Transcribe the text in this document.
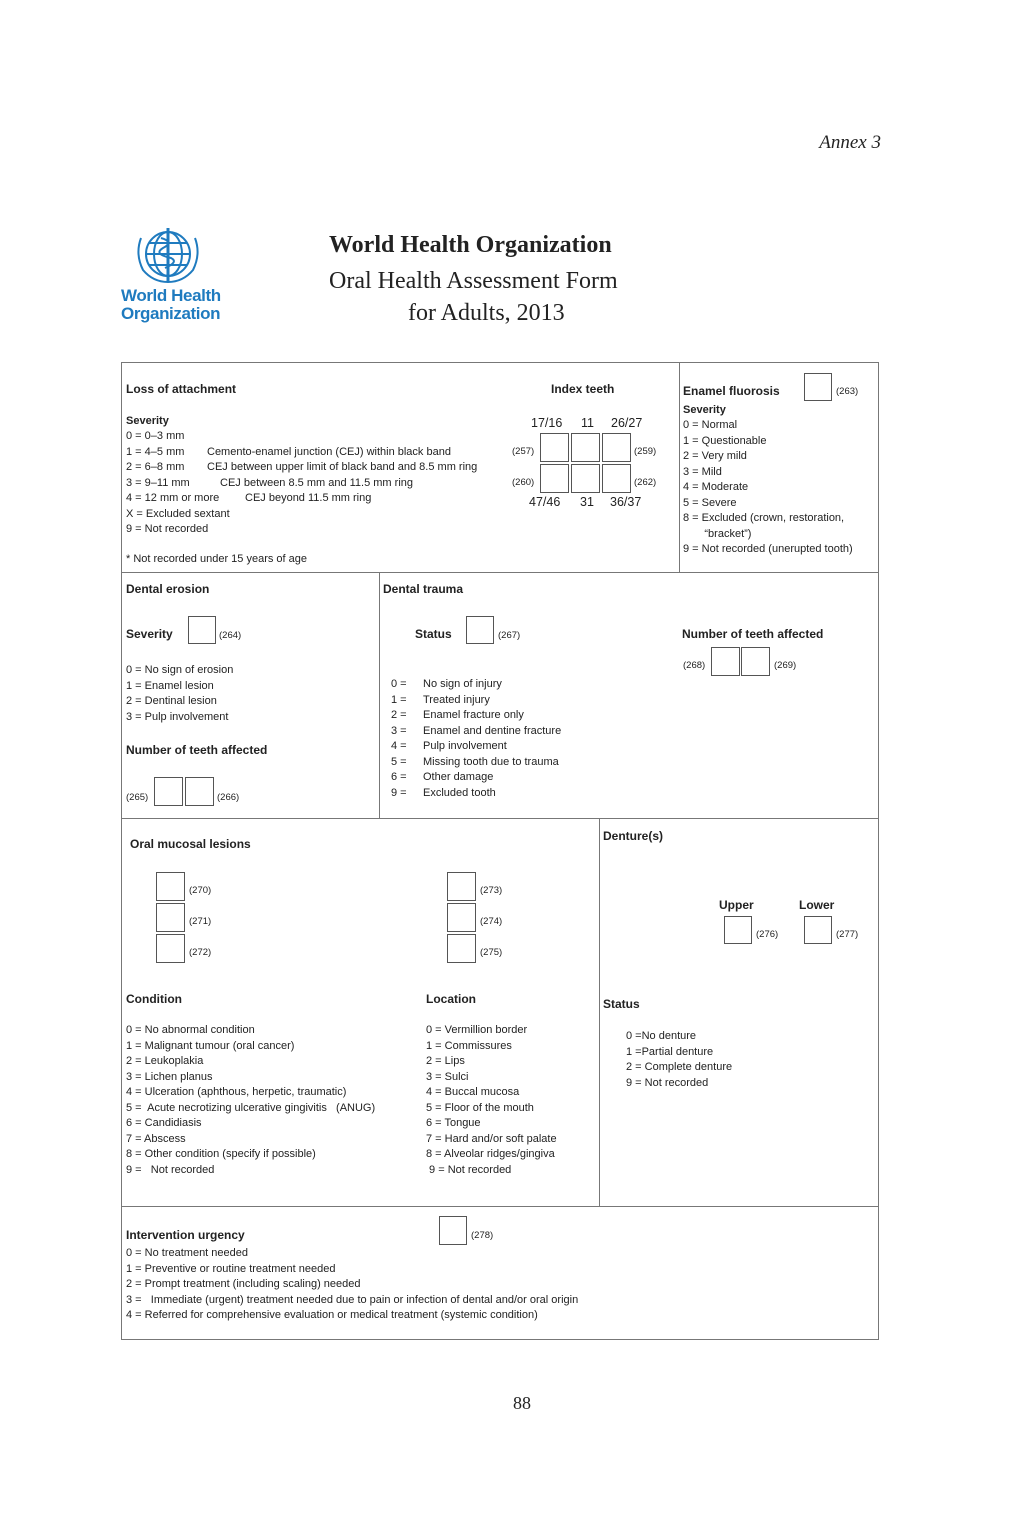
Annex 3
World Health
Organization
World Health Organization
Oral Health Assessment Form
for Adults, 2013
Loss of attachment	Index teeth
Severity
0 = 0–3 mm
1 = 4–5 mm Cemento-enamel junction (CEJ) within black band
2 = 6–8 mm CEJ between upper limit of black band and 8.5 mm ring
3 = 9–11 mm	CEJ between 8.5 mm and 11.5 mm ring
4 = 12 mm or more CEJ beyond 11.5 mm ring
X = Excluded sextant
9 = Not recorded
* Not recorded under 15 years of age
17/16 11 26/27
(257)	(259)
(260)	(262)
47/46 31 36/37
Enamel fluorosis	(263)
Severity
0 = Normal
1 = Questionable
2 = Very mild
3 = Mild
4 = Moderate
5 = Severe
8 = Excluded (crown, restoration,
“bracket”)
9 = Not recorded (unerupted tooth)
Dental erosion
Severity	(264)
0 = No sign of erosion
1 = Enamel lesion
2 = Dentinal lesion
3 = Pulp involvement
Number of teeth affected
(265)	(266)
Dental trauma
Status	(267)
0 = No sign of injury
1 = Treated injury
2 = Enamel fracture only
3 = Enamel and dentine fracture
4 = Pulp involvement
5 = Missing tooth due to trauma
6 = Other damage
9 = Excluded tooth
Number of teeth affected
(268)	(269)
Oral mucosal lesions
(270)
(271)
(272)
(273)
(274)
(275)
Condition
0 = No abnormal condition
1 = Malignant tumour (oral cancer)
2 = Leukoplakia
3 = Lichen planus
4 = Ulceration (aphthous, herpetic, traumatic)
5 =  Acute necrotizing ulcerative gingivitis   (ANUG)
6 = Candidiasis
7 = Abscess
8 = Other condition (specify if possible)
9 =   Not recorded
Location
0 = Vermillion border
1 = Commissures
2 = Lips
3 = Sulci
4 = Buccal mucosa
5 = Floor of the mouth
6 = Tongue
7 = Hard and/or soft palate
8 = Alveolar ridges/gingiva
9 = Not recorded
Denture(s)
Upper	Lower
(276)	(277)
Status
0 =No denture
1 =Partial denture
2 = Complete denture
9 = Not recorded
Intervention urgency	(278)
0 = No treatment needed
1 = Preventive or routine treatment needed
2 = Prompt treatment (including scaling) needed
3 =   Immediate (urgent) treatment needed due to pain or infection of dental and/or oral origin
4 = Referred for comprehensive evaluation or medical treatment (systemic condition)
88
